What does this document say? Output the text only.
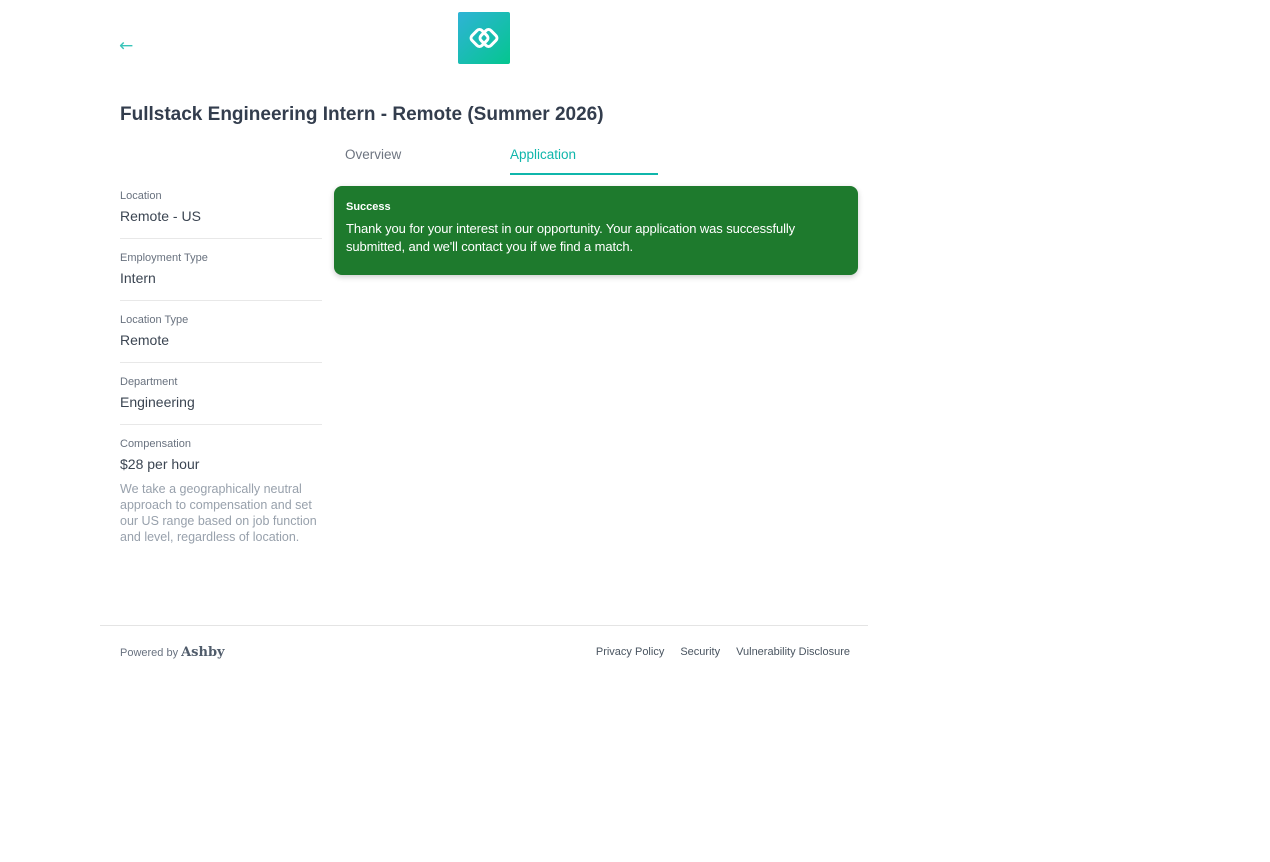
←
Fullstack Engineering Intern - Remote (Summer 2026)
Overview	Application
Location
Remote - US
Employment Type
Intern
Location Type
Remote
Department
Engineering
Compensation
$28 per hour
We take a geographically neutral approach to compensation and set our US range based on job function and level, regardless of location.
Success
Thank you for your interest in our opportunity. Your application was successfully submitted, and we'll contact you if we find a match.
Powered by Ashby	Privacy Policy Security Vulnerability Disclosure
